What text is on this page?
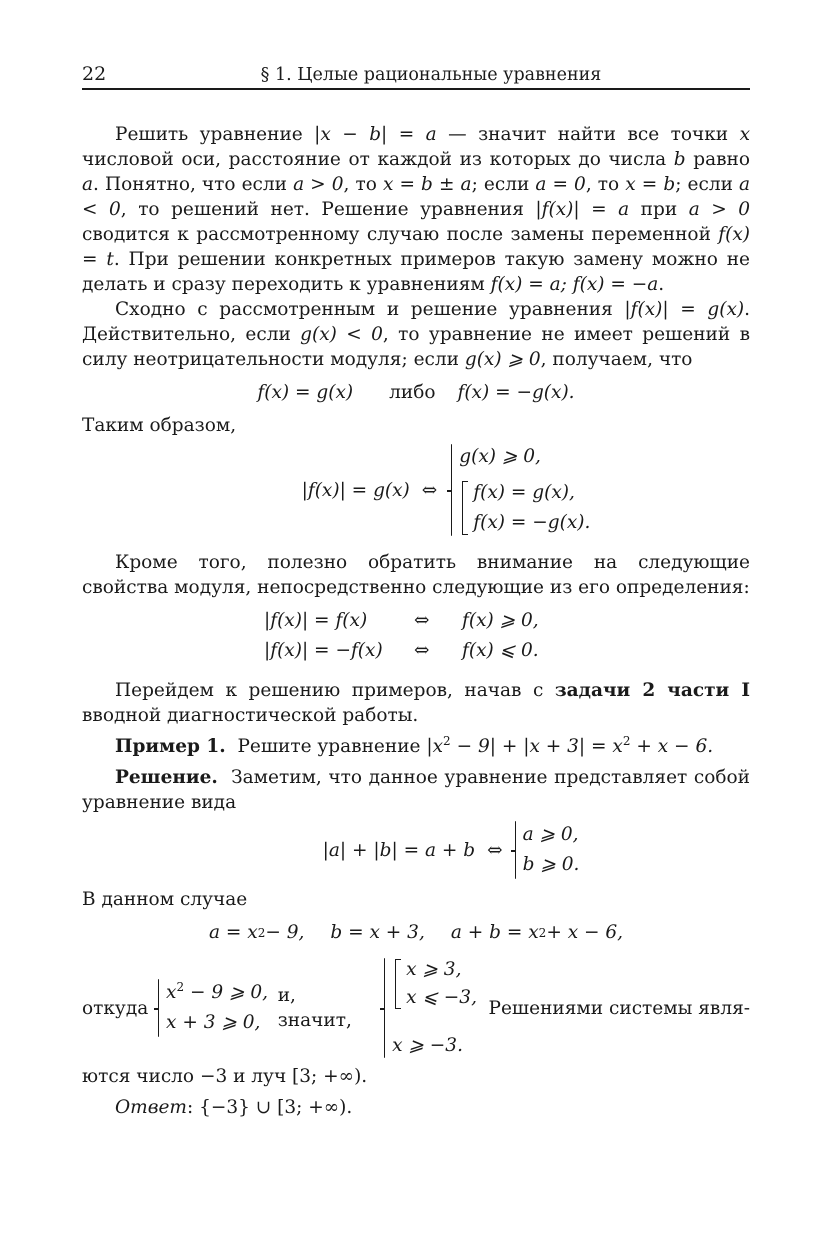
22	§ 1. Целые рациональные уравнения

Решить уравнение |x − b| = a — значит найти все точки x числовой оси, расстояние от каждой из которых до числа b равно a. Понятно, что если a > 0, то x = b ± a; если a = 0, то x = b; если a < 0, то решений нет. Решение уравнения |f(x)| = a при a > 0 сводится к рассмотренному случаю после замены переменной f(x) = t. При решении конкретных примеров такую замену можно не делать и сразу переходить к уравнениям f(x) = a; f(x) = −a.

Сходно с рассмотренным и решение уравнения |f(x)| = g(x). Действительно, если g(x) < 0, то уравнение не имеет решений в силу неотрицательности модуля; если g(x) ⩾ 0, получаем, что

f(x) = g(x) либо f(x) = −g(x).

Таким образом,

|f(x)| = g(x) ⇔
g(x) ⩾ 0,
f(x) = g(x),
f(x) = −g(x).

Кроме того, полезно обратить внимание на следующие свойства модуля, непосредственно следующие из его определения:

|f(x)| = f(x)	⇔	f(x) ⩾ 0,
|f(x)| = −f(x)	⇔	f(x) ⩽ 0.

Перейдем к решению примеров, начав с задачи 2 части I вводной диагностической работы.

Пример 1. Решите уравнение $|x^2 - 9| + |x + 3| = x^2 + x - 6$.

Решение. Заметим, что данное уравнение представляет собой уравнение вида

|a| + |b| = a + b ⇔
a ⩾ 0,
b ⩾ 0.

В данном случае

a = x 2 − 9, b = x + 3, a + b = x 2 + x − 6,
откуда
$x^2 - 9$ ⩾ 0,
x + 3 ⩾ 0,
и, значит,
x ⩾ 3,
x ⩽ −3,
x ⩾ −3.
Решениями системы явля-

ются число −3 и луч [3; +∞).

Ответ: {−3} ∪ [3; +∞).
